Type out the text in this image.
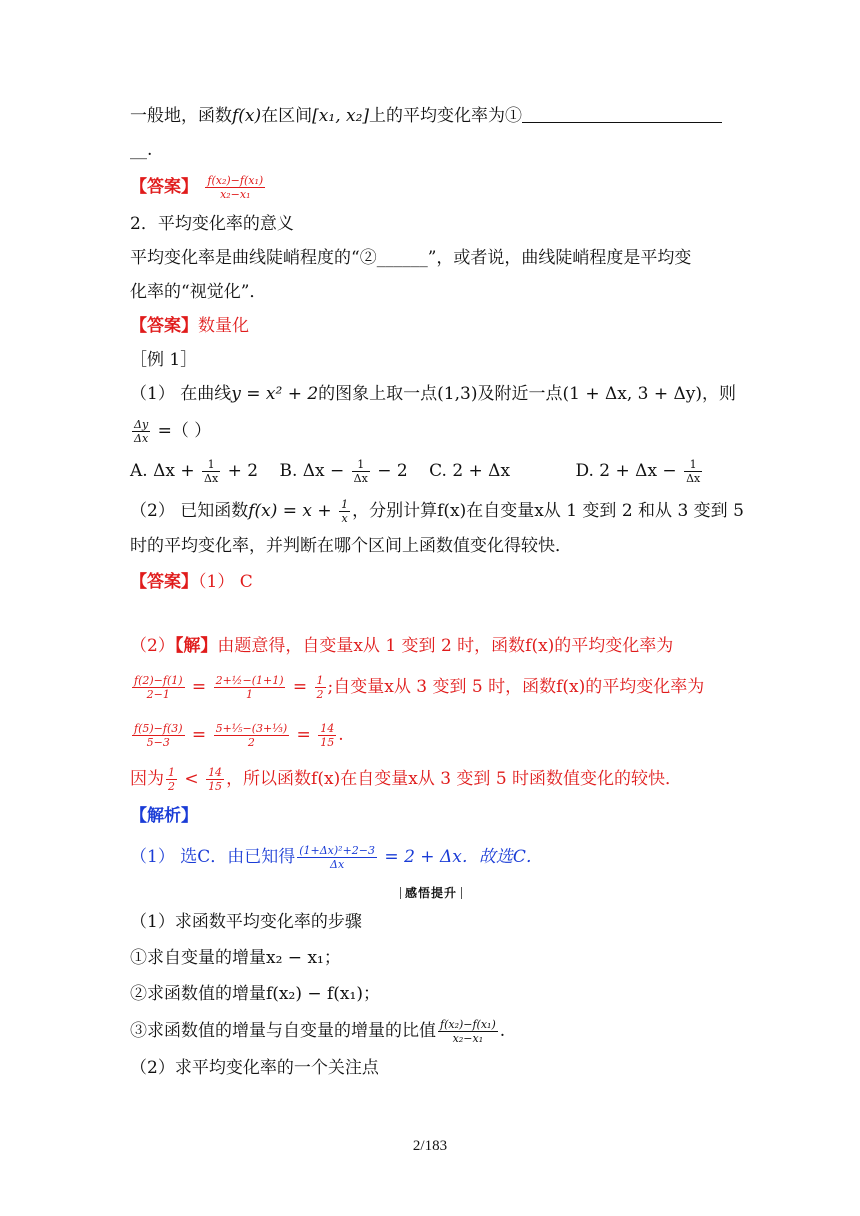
一般地，函数f(x)在区间[x₁, x₂]上的平均变化率为①
__.
【答案】 $\frac{\text{f(x₂)−f(x₁)}}{\text{x₂−x₁}}$
2．平均变化率的意义
平均变化率是曲线陡峭程度的“②______”，或者说，曲线陡峭程度是平均变
化率的“视觉化”．
【答案】数量化
［例 1］
（1） 在曲线y = x² + 2的图象上取一点(1,3)及附近一点(1 + Δx, 3 + Δy)，则
$\frac{\Delta y}{\Delta x}$ =（ ）
A. $\Delta x + \frac{1}{\Delta x} + 2$ B. $\Delta x - \frac{1}{\Delta x} - 2$ C. 2 + Δx	D. $2 + \Delta x - \frac{1}{\Delta x}$
（2） 已知函数$f(x) = x + \frac{1}{x}$ ，分别计算f(x)在自变量x从 1 变到 2 和从 3 变到 5
时的平均变化率，并判断在哪个区间上函数值变化得较快．
【答案】（1） C
（2）【解】由题意得，自变量x从 1 变到 2 时，函数f(x)的平均变化率为
$\frac{f(2)-f(1)}{2-1} = \frac{\text{2+½−(1+1)}}{1} = \frac{1}{2}$ ;自变量x从 3 变到 5 时，函数f(x)的平均变化率为
$\frac{f(5)-f(3)}{5-3} = \frac{\text{5+⅕−(3+⅓)}}{2} = \frac{14}{15}$ .
因为 $\frac{1}{2} < \frac{14}{15}$ ，所以函数f(x)在自变量x从 3 变到 5 时函数值变化的较快．
【解析】
（1） 选C．由已知得 $\frac{\text{(1+Δx)²+2−3}}{\Delta x} = 2 + \Delta x$．故选C．
感悟提升
（1）求函数平均变化率的步骤
①求自变量的增量x₂ − x₁；
②求函数值的增量f(x₂) − f(x₁)；
③求函数值的增量与自变量的增量的比值 $\frac{\text{f(x₂)−f(x₁)}}{\text{x₂−x₁}}$ .
（2）求平均变化率的一个关注点
2/183
